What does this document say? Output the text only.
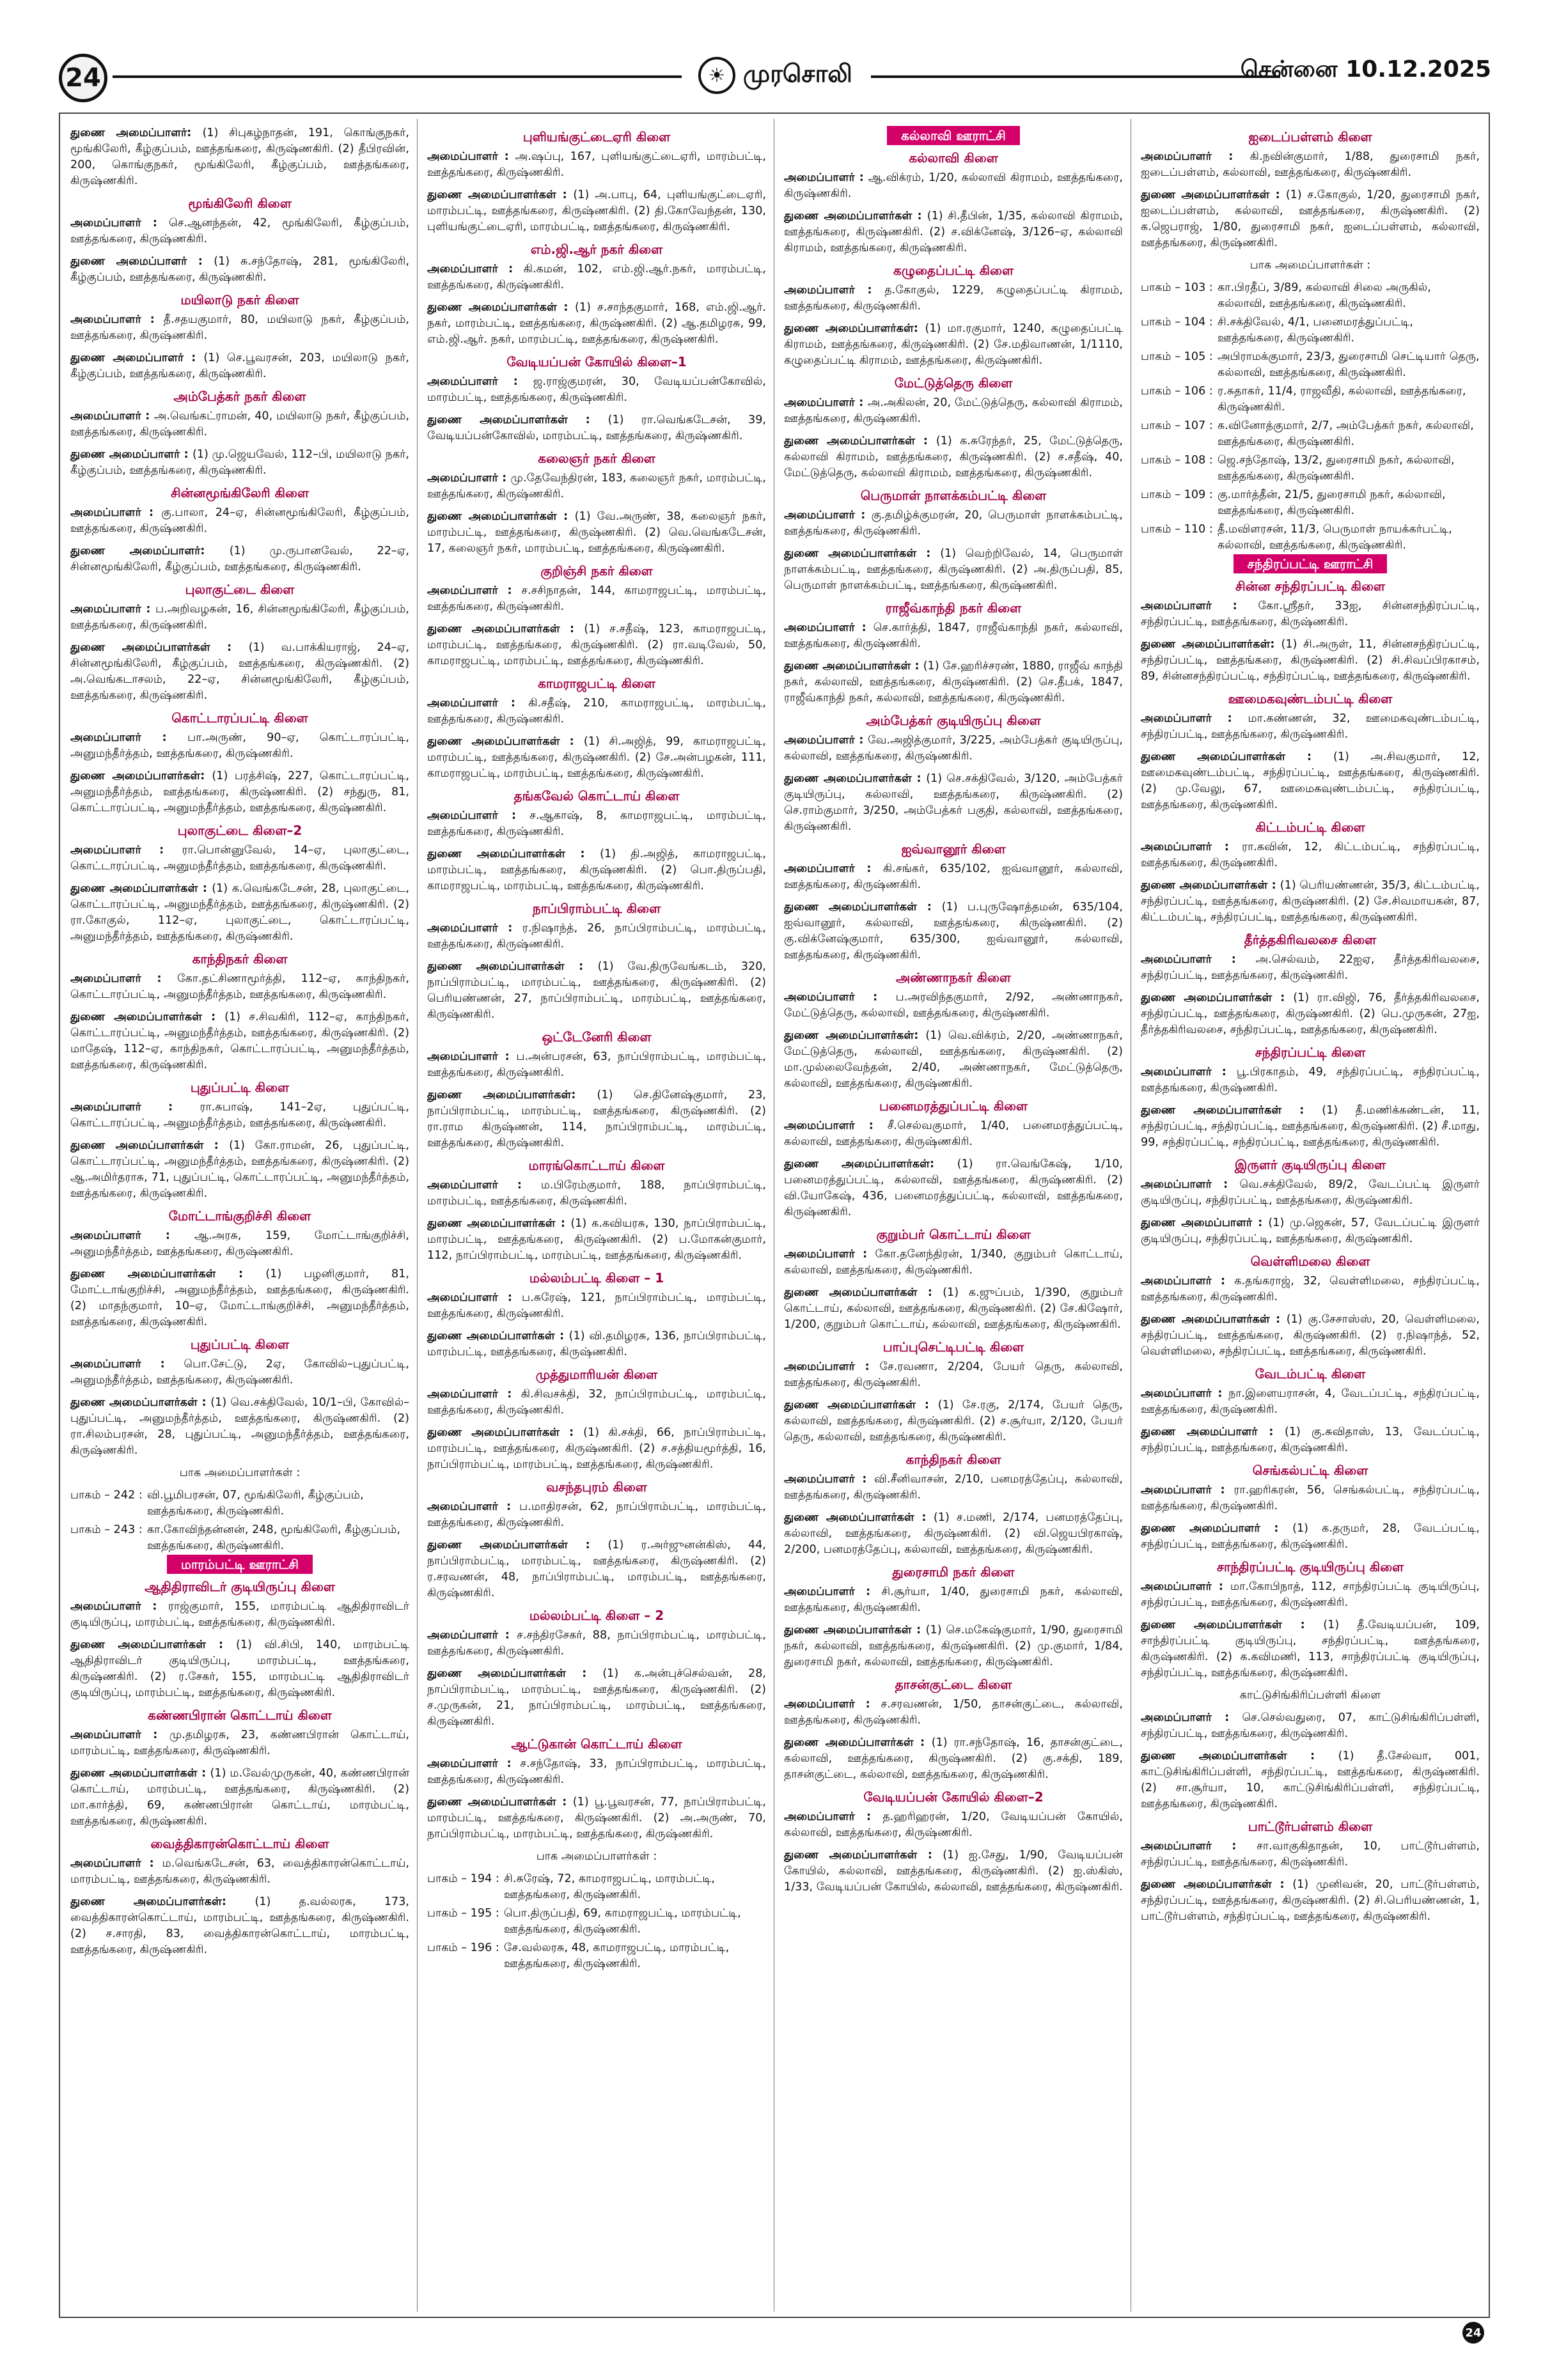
24	☀ முரசொலி	சென்னை 10.12.2025
துணை அமைப்பாளர்: (1) சிபுகழ்நாதன், 191, கொங்குநகர், மூங்கிலேரி, கீழ்குப்பம், ஊத்தங்கரை, கிருஷ்ணகிரி. (2) தீபிரவின், 200, கொங்குநகர், மூங்கிலேரி, கீழ்குப்பம், ஊத்தங்கரை, கிருஷ்ணகிரி.
மூங்கிலேரி கிளை
அமைப்பாளர் : செ.ஆனந்தன், 42, மூங்கிலேரி, கீழ்குப்பம், ஊத்தங்கரை, கிருஷ்ணகிரி.
துணை அமைப்பாளர் : (1) சு.சந்தோஷ், 281, மூங்கிலேரி, கீழ்குப்பம், ஊத்தங்கரை, கிருஷ்ணகிரி.
மயிலாடு நகர் கிளை
அமைப்பாளர் : தீ.சதயகுமார், 80, மயிலாடு நகர், கீழ்குப்பம், ஊத்தங்கரை, கிருஷ்ணகிரி.
துணை அமைப்பாளர் : (1) செ.பூவரசன், 203, மயிலாடு நகர், கீழ்குப்பம், ஊத்தங்கரை, கிருஷ்ணகிரி.
அம்பேத்கர் நகர் கிளை
அமைப்பாளர் : அ.வெங்கட்ராமன், 40, மயிலாடு நகர், கீழ்குப்பம், ஊத்தங்கரை, கிருஷ்ணகிரி.
துணை அமைப்பாளர் : (1) மு.ஜெயவேல், 112–பி, மயிலாடு நகர், கீழ்குப்பம், ஊத்தங்கரை, கிருஷ்ணகிரி.
சின்னமூங்கிலேரி கிளை
அமைப்பாளர் : கு.பாலா, 24–ஏ, சின்னமூங்கிலேரி, கீழ்குப்பம், ஊத்தங்கரை, கிருஷ்ணகிரி.
துணை அமைப்பாளர்: (1) மு.ருபானவேல், 22–ஏ, சின்னமூங்கிலேரி, கீழ்குப்பம், ஊத்தங்கரை, கிருஷ்ணகிரி.
புலாகுட்டை கிளை
அமைப்பாளர் : ப.அறிவழகன், 16, சின்னமூங்கிலேரி, கீழ்குப்பம், ஊத்தங்கரை, கிருஷ்ணகிரி.
துணை அமைப்பாளர்கள் : (1) வ.பாக்கியராஜ், 24–ஏ, சின்னமூங்கிலேரி, கீழ்குப்பம், ஊத்தங்கரை, கிருஷ்ணகிரி. (2) அ.வெங்கடாசலம், 22–ஏ, சின்னமூங்கிலேரி, கீழ்குப்பம், ஊத்தங்கரை, கிருஷ்ணகிரி.
கொட்டாரப்பட்டி கிளை
அமைப்பாளர் : பா.அருண், 90–ஏ, கொட்டாரப்பட்டி, அனுமந்தீர்த்தம், ஊத்தங்கரை, கிருஷ்ணகிரி.
துணை அமைப்பாளர்கள்: (1) பரத்சிஷ், 227, கொட்டாரப்பட்டி, அனுமந்தீர்த்தம், ஊத்தங்கரை, கிருஷ்ணகிரி. (2) சந்துரு, 81, கொட்டாரப்பட்டி, அனுமந்தீர்த்தம், ஊத்தங்கரை, கிருஷ்ணகிரி.
புலாகுட்டை கிளை–2
அமைப்பாளர் : ரா.பொன்னுவேல், 14–ஏ, புலாகுட்டை, கொட்டாரப்பட்டி, அனுமந்தீர்த்தம், ஊத்தங்கரை, கிருஷ்ணகிரி.
துணை அமைப்பாளர்கள் : (1) க.வெங்கடேசன், 28, புலாகுட்டை, கொட்டாரப்பட்டி, அனுமந்தீர்த்தம், ஊத்தங்கரை, கிருஷ்ணகிரி. (2) ரா.கோகுல், 112–ஏ, புலாகுட்டை, கொட்டாரப்பட்டி, அனுமந்தீர்த்தம், ஊத்தங்கரை, கிருஷ்ணகிரி.
காந்திநகர் கிளை
அமைப்பாளர் : கோ.தட்சிணாமூர்த்தி, 112–ஏ, காந்திநகர், கொட்டாரப்பட்டி, அனுமந்தீர்த்தம், ஊத்தங்கரை, கிருஷ்ணகிரி.
துணை அமைப்பாளர்கள் : (1) ச.சிவகிரி, 112–ஏ, காந்திநகர், கொட்டாரப்பட்டி, அனுமந்தீர்த்தம், ஊத்தங்கரை, கிருஷ்ணகிரி. (2) மாதேஷ், 112–ஏ, காந்திநகர், கொட்டாரப்பட்டி, அனுமந்தீர்த்தம், ஊத்தங்கரை, கிருஷ்ணகிரி.
புதுப்பட்டி கிளை
அமைப்பாளர் : ரா.சுபாஷ், 141–2ஏ, புதுப்பட்டி, கொட்டாரப்பட்டி, அனுமந்தீர்த்தம், ஊத்தங்கரை, கிருஷ்ணகிரி.
துணை அமைப்பாளர்கள் : (1) கோ.ராமன், 26, புதுப்பட்டி, கொட்டாரப்பட்டி, அனுமந்தீர்த்தம், ஊத்தங்கரை, கிருஷ்ணகிரி. (2) ஆ.அமிர்தராசு, 71, புதுப்பட்டி, கொட்டாரப்பட்டி, அனுமந்தீர்த்தம், ஊத்தங்கரை, கிருஷ்ணகிரி.
மோட்டாங்குறிச்சி கிளை
அமைப்பாளர் : ஆ.அரசு, 159, மோட்டாங்குறிச்சி, அனுமந்தீர்த்தம், ஊத்தங்கரை, கிருஷ்ணகிரி.
துணை அமைப்பாளர்கள் : (1) பழனிகுமார், 81, மோட்டாங்குறிச்சி, அனுமந்தீர்த்தம், ஊத்தங்கரை, கிருஷ்ணகிரி. (2) மாதந்குமார், 10–ஏ, மோட்டாங்குறிச்சி, அனுமந்தீர்த்தம், ஊத்தங்கரை, கிருஷ்ணகிரி.
புதுப்பட்டி கிளை
அமைப்பாளர் : பொ.சேட்டு, 2ஏ, கோவில்–புதுப்பட்டி, அனுமந்தீர்த்தம், ஊத்தங்கரை, கிருஷ்ணகிரி.
துணை அமைப்பாளர்கள் : (1) வெ.சக்திவேல், 10/1–பி, கோவில்–புதுப்பட்டி, அனுமந்தீர்த்தம், ஊத்தங்கரை, கிருஷ்ணகிரி. (2) ரா.சிலம்பரசன், 28, புதுப்பட்டி, அனுமந்தீர்த்தம், ஊத்தங்கரை, கிருஷ்ணகிரி.
பாக அமைப்பாளர்கள் :
பாகம் – 242 : வி.பூமிபரசன், 07, மூங்கிலேரி, கீழ்குப்பம், ஊத்தங்கரை, கிருஷ்ணகிரி.
பாகம் – 243 : கா.கோவிந்தன்னன், 248, மூங்கிலேரி, கீழ்குப்பம், ஊத்தங்கரை, கிருஷ்ணகிரி.
மாரம்பட்டி ஊராட்சி
ஆதிதிராவிடர் குடியிருப்பு கிளை
அமைப்பாளர் : ராஜ்குமார், 155, மாரம்பட்டி ஆதிதிராவிடர் குடியிருப்பு, மாரம்பட்டி, ஊத்தங்கரை, கிருஷ்ணகிரி.
துணை அமைப்பாளர்கள் : (1) வி.சிபி, 140, மாரம்பட்டி ஆதிதிராவிடர் குடியிருப்பு, மாரம்பட்டி, ஊத்தங்கரை, கிருஷ்ணகிரி. (2) ர.சேகர், 155, மாரம்பட்டி ஆதிதிராவிடர் குடியிருப்பு, மாரம்பட்டி, ஊத்தங்கரை, கிருஷ்ணகிரி.
கண்ணபிரான் கொட்டாய் கிளை
அமைப்பாளர் : மு.தமிழரசு, 23, கண்ணபிரான் கொட்டாய், மாரம்பட்டி, ஊத்தங்கரை, கிருஷ்ணகிரி.
துணை அமைப்பாளர்கள் : (1) ம.வேல்முருகன், 40, கண்ணபிரான் கொட்டாய், மாரம்பட்டி, ஊத்தங்கரை, கிருஷ்ணகிரி. (2) மா.கார்த்தி, 69, கண்ணபிரான் கொட்டாய், மாரம்பட்டி, ஊத்தங்கரை, கிருஷ்ணகிரி.
வைத்திகாரன்கொட்டாய் கிளை
அமைப்பாளர் : ம.வெங்கடேசன், 63, வைத்திகாரன்கொட்டாய், மாரம்பட்டி, ஊத்தங்கரை, கிருஷ்ணகிரி.
துணை அமைப்பாளர்கள்: (1) த.வல்லரசு, 173, வைத்திகாரன்கொட்டாய், மாரம்பட்டி, ஊத்தங்கரை, கிருஷ்ணகிரி. (2) ச.சாரதி, 83, வைத்திகாரன்கொட்டாய், மாரம்பட்டி, ஊத்தங்கரை, கிருஷ்ணகிரி.
புளியங்குட்டைஏரி கிளை
அமைப்பாளர் : அ.ஷப்பு, 167, புளியங்குட்டைஏரி, மாரம்பட்டி, ஊத்தங்கரை, கிருஷ்ணகிரி.
துணை அமைப்பாளர்கள் : (1) அ.பாபு, 64, புளியங்குட்டைஏரி, மாரம்பட்டி, ஊத்தங்கரை, கிருஷ்ணகிரி. (2) தி.கோவேந்தன், 130, புளியங்குட்டைஏரி, மாரம்பட்டி, ஊத்தங்கரை, கிருஷ்ணகிரி.
எம்.ஜி.ஆர் நகர் கிளை
அமைப்பாளர் : கி.கமன், 102, எம்.ஜி.ஆர்.நகர், மாரம்பட்டி, ஊத்தங்கரை, கிருஷ்ணகிரி.
துணை அமைப்பாளர்கள் : (1) ச.சாந்தகுமார், 168, எம்.ஜி.ஆர். நகர், மாரம்பட்டி, ஊத்தங்கரை, கிருஷ்ணகிரி. (2) ஆ.தமிழரசு, 99, எம்.ஜி.ஆர். நகர், மாரம்பட்டி, ஊத்தங்கரை, கிருஷ்ணகிரி.
வேடியப்பன் கோயில் கிளை–1
அமைப்பாளர் : ஜ.ராஜ்குமரன், 30, வேடியப்பன்கோவில், மாரம்பட்டி, ஊத்தங்கரை, கிருஷ்ணகிரி.
துணை அமைப்பாளர்கள் : (1) ரா.வெங்கடேசன், 39, வேடியப்பன்கோவில், மாரம்பட்டி, ஊத்தங்கரை, கிருஷ்ணகிரி.
கலைஞர் நகர் கிளை
அமைப்பாளர் : மு.தேவேந்திரன், 183, கலைஞர் நகர், மாரம்பட்டி, ஊத்தங்கரை, கிருஷ்ணகிரி.
துணை அமைப்பாளர்கள் : (1) வே.அருண், 38, கலைஞர் நகர், மாரம்பட்டி, ஊத்தங்கரை, கிருஷ்ணகிரி. (2) வெ.வெங்கடேசன், 17, கலைஞர் நகர், மாரம்பட்டி, ஊத்தங்கரை, கிருஷ்ணகிரி.
குறிஞ்சி நகர் கிளை
அமைப்பாளர் : ச.சசிநாதன், 144, காமராஜபட்டி, மாரம்பட்டி, ஊத்தங்கரை, கிருஷ்ணகிரி.
துணை அமைப்பாளர்கள் : (1) ச.சதீஷ், 123, காமராஜபட்டி, மாரம்பட்டி, ஊத்தங்கரை, கிருஷ்ணகிரி. (2) ரா.வடிவேல், 50, காமராஜபட்டி, மாரம்பட்டி, ஊத்தங்கரை, கிருஷ்ணகிரி.
காமராஜபட்டி கிளை
அமைப்பாளர் : கி.சதீஷ், 210, காமராஜபட்டி, மாரம்பட்டி, ஊத்தங்கரை, கிருஷ்ணகிரி.
துணை அமைப்பாளர்கள் : (1) சி.அஜித், 99, காமராஜபட்டி, மாரம்பட்டி, ஊத்தங்கரை, கிருஷ்ணகிரி. (2) சே.அன்பழகன், 111, காமராஜபட்டி, மாரம்பட்டி, ஊத்தங்கரை, கிருஷ்ணகிரி.
தங்கவேல் கொட்டாய் கிளை
அமைப்பாளர் : ச.ஆகாஷ், 8, காமராஜபட்டி, மாரம்பட்டி, ஊத்தங்கரை, கிருஷ்ணகிரி.
துணை அமைப்பாளர்கள் : (1) தி.அஜித், காமராஜபட்டி, மாரம்பட்டி, ஊத்தங்கரை, கிருஷ்ணகிரி. (2) பொ.திருப்பதி, காமராஜபட்டி, மாரம்பட்டி, ஊத்தங்கரை, கிருஷ்ணகிரி.
நாப்பிராம்பட்டி கிளை
அமைப்பாளர் : ர.நிஷாந்த், 26, நாப்பிராம்பட்டி, மாரம்பட்டி, ஊத்தங்கரை, கிருஷ்ணகிரி.
துணை அமைப்பாளர்கள் : (1) வே.திருவேங்கடம், 320, நாப்பிராம்பட்டி, மாரம்பட்டி, ஊத்தங்கரை, கிருஷ்ணகிரி. (2) பெரியண்ணன், 27, நாப்பிராம்பட்டி, மாரம்பட்டி, ஊத்தங்கரை, கிருஷ்ணகிரி.
ஒட்டேனேரி கிளை
அமைப்பாளர் : ப.அன்பரசன், 63, நாப்பிராம்பட்டி, மாரம்பட்டி, ஊத்தங்கரை, கிருஷ்ணகிரி.
துணை அமைப்பாளர்கள்: (1) செ.தினேஷ்குமார், 23, நாப்பிராம்பட்டி, மாரம்பட்டி, ஊத்தங்கரை, கிருஷ்ணகிரி. (2) ரா.ராம கிருஷ்ணன், 114, நாப்பிராம்பட்டி, மாரம்பட்டி, ஊத்தங்கரை, கிருஷ்ணகிரி.
மாரங்கொட்டாய் கிளை
அமைப்பாளர் : ம.பிரேம்குமார், 188, நாப்பிராம்பட்டி, மாரம்பட்டி, ஊத்தங்கரை, கிருஷ்ணகிரி.
துணை அமைப்பாளர்கள் : (1) க.கவியரசு, 130, நாப்பிராம்பட்டி, மாரம்பட்டி, ஊத்தங்கரை, கிருஷ்ணகிரி. (2) ப.மோகன்குமார், 112, நாப்பிராம்பட்டி, மாரம்பட்டி, ஊத்தங்கரை, கிருஷ்ணகிரி.
மல்லம்பட்டி கிளை – 1
அமைப்பாளர் : ப.சுரேஷ், 121, நாப்பிராம்பட்டி, மாரம்பட்டி, ஊத்தங்கரை, கிருஷ்ணகிரி.
துணை அமைப்பாளர்கள் : (1) வி.தமிழரசு, 136, நாப்பிராம்பட்டி, மாரம்பட்டி, ஊத்தங்கரை, கிருஷ்ணகிரி.
முத்துமாரியன் கிளை
அமைப்பாளர் : கி.சிவசக்தி, 32, நாப்பிராம்பட்டி, மாரம்பட்டி, ஊத்தங்கரை, கிருஷ்ணகிரி.
துணை அமைப்பாளர்கள் : (1) கி.சக்தி, 66, நாப்பிராம்பட்டி, மாரம்பட்டி, ஊத்தங்கரை, கிருஷ்ணகிரி. (2) ச.சத்தியமூர்த்தி, 16, நாப்பிராம்பட்டி, மாரம்பட்டி, ஊத்தங்கரை, கிருஷ்ணகிரி.
வசந்தபுரம் கிளை
அமைப்பாளர் : ப.மாதிரசன், 62, நாப்பிராம்பட்டி, மாரம்பட்டி, ஊத்தங்கரை, கிருஷ்ணகிரி.
துணை அமைப்பாளர்கள் : (1) ர.அர்ஜுனன்கிஸ், 44, நாப்பிராம்பட்டி, மாரம்பட்டி, ஊத்தங்கரை, கிருஷ்ணகிரி. (2) ர.சரவணன், 48, நாப்பிராம்பட்டி, மாரம்பட்டி, ஊத்தங்கரை, கிருஷ்ணகிரி.
மல்லம்பட்டி கிளை – 2
அமைப்பாளர் : ச.சந்திரசேகர், 88, நாப்பிராம்பட்டி, மாரம்பட்டி, ஊத்தங்கரை, கிருஷ்ணகிரி.
துணை அமைப்பாளர்கள் : (1) க.அன்புச்செல்வன், 28, நாப்பிராம்பட்டி, மாரம்பட்டி, ஊத்தங்கரை, கிருஷ்ணகிரி. (2) ச.முருகன், 21, நாப்பிராம்பட்டி, மாரம்பட்டி, ஊத்தங்கரை, கிருஷ்ணகிரி.
ஆட்டுகான் கொட்டாய் கிளை
அமைப்பாளர் : ச.சந்தோஷ், 33, நாப்பிராம்பட்டி, மாரம்பட்டி, ஊத்தங்கரை, கிருஷ்ணகிரி.
துணை அமைப்பாளர்கள் : (1) பூ.பூவரசன், 77, நாப்பிராம்பட்டி, மாரம்பட்டி, ஊத்தங்கரை, கிருஷ்ணகிரி. (2) அ.அருண், 70, நாப்பிராம்பட்டி, மாரம்பட்டி, ஊத்தங்கரை, கிருஷ்ணகிரி.
பாக அமைப்பாளர்கள் :
பாகம் – 194 : சி.சுரேஷ், 72, காமராஜபட்டி, மாரம்பட்டி, ஊத்தங்கரை, கிருஷ்ணகிரி.
பாகம் – 195 : பொ.திருப்பதி, 69, காமராஜபட்டி, மாரம்பட்டி, ஊத்தங்கரை, கிருஷ்ணகிரி.
பாகம் – 196 : சே.வல்லரசு, 48, காமராஜபட்டி, மாரம்பட்டி, ஊத்தங்கரை, கிருஷ்ணகிரி.
கல்லாவி ஊராட்சி
கல்லாவி கிளை
அமைப்பாளர் : ஆ.விக்ரம், 1/20, கல்லாவி கிராமம், ஊத்தங்கரை, கிருஷ்ணகிரி.
துணை அமைப்பாளர்கள் : (1) சி.தீபின், 1/35, கல்லாவி கிராமம், ஊத்தங்கரை, கிருஷ்ணகிரி. (2) ச.விக்னேஷ், 3/126–ஏ, கல்லாவி கிராமம், ஊத்தங்கரை, கிருஷ்ணகிரி.
கழுதைப்பட்டி கிளை
அமைப்பாளர் : த.கோகுல், 1229, கழுதைப்பட்டி கிராமம், ஊத்தங்கரை, கிருஷ்ணகிரி.
துணை அமைப்பாளர்கள்: (1) மா.ரகுமார், 1240, கழுதைப்பட்டி கிராமம், ஊத்தங்கரை, கிருஷ்ணகிரி. (2) சே.மதிவாணன், 1/1110, கழுதைப்பட்டி கிராமம், ஊத்தங்கரை, கிருஷ்ணகிரி.
மேட்டுத்தெரு கிளை
அமைப்பாளர் : அ.அகிலன், 20, மேட்டுத்தெரு, கல்லாவி கிராமம், ஊத்தங்கரை, கிருஷ்ணகிரி.
துணை அமைப்பாளர்கள் : (1) க.சுரேந்தர், 25, மேட்டுத்தெரு, கல்லாவி கிராமம், ஊத்தங்கரை, கிருஷ்ணகிரி. (2) ச.சதீஷ், 40, மேட்டுத்தெரு, கல்லாவி கிராமம், ஊத்தங்கரை, கிருஷ்ணகிரி.
பெருமாள் நாளக்கம்பட்டி கிளை
அமைப்பாளர் : கு.தமிழ்க்குமரன், 20, பெருமாள் நாளக்கம்பட்டி, ஊத்தங்கரை, கிருஷ்ணகிரி.
துணை அமைப்பாளர்கள் : (1) வெற்றிவேல், 14, பெருமாள் நாளக்கம்பட்டி, ஊத்தங்கரை, கிருஷ்ணகிரி. (2) அ.திருப்பதி, 85, பெருமாள் நாளக்கம்பட்டி, ஊத்தங்கரை, கிருஷ்ணகிரி.
ராஜீவ்காந்தி நகர் கிளை
அமைப்பாளர் : செ.கார்த்தி, 1847, ராஜீவ்காந்தி நகர், கல்லாவி, ஊத்தங்கரை, கிருஷ்ணகிரி.
துணை அமைப்பாளர்கள் : (1) சே.ஹரிச்சரண், 1880, ராஜீவ் காந்தி நகர், கல்லாவி, ஊத்தங்கரை, கிருஷ்ணகிரி. (2) செ.தீபக், 1847, ராஜீவ்காந்தி நகர், கல்லாவி, ஊத்தங்கரை, கிருஷ்ணகிரி.
அம்பேத்கர் குடியிருப்பு கிளை
அமைப்பாளர் : வே.அஜித்குமார், 3/225, அம்பேத்கர் குடியிருப்பு, கல்லாவி, ஊத்தங்கரை, கிருஷ்ணகிரி.
துணை அமைப்பாளர்கள் : (1) செ.சக்திவேல், 3/120, அம்பேத்கர் குடியிருப்பு, கல்லாவி, ஊத்தங்கரை, கிருஷ்ணகிரி. (2) செ.ராம்குமார், 3/250, அம்பேத்கர் பகுதி, கல்லாவி, ஊத்தங்கரை, கிருஷ்ணகிரி.
ஐவ்வானூர் கிளை
அமைப்பாளர் : கி.சங்கர், 635/102, ஐவ்வானூர், கல்லாவி, ஊத்தங்கரை, கிருஷ்ணகிரி.
துணை அமைப்பாளர்கள் : (1) ப.புருஷோத்தமன், 635/104, ஐவ்வானூர், கல்லாவி, ஊத்தங்கரை, கிருஷ்ணகிரி. (2) கு.விக்னேஷ்குமார், 635/300, ஐவ்வானூர், கல்லாவி, ஊத்தங்கரை, கிருஷ்ணகிரி.
அண்ணாநகர் கிளை
அமைப்பாளர் : ப.அரவிந்தகுமார், 2/92, அண்ணாநகர், மேட்டுத்தெரு, கல்லாவி, ஊத்தங்கரை, கிருஷ்ணகிரி.
துணை அமைப்பாளர்கள்: (1) வெ.விக்ரம், 2/20, அண்ணாநகர், மேட்டுத்தெரு, கல்லாவி, ஊத்தங்கரை, கிருஷ்ணகிரி. (2) மா.முல்லைவேந்தன், 2/40, அண்ணாநகர், மேட்டுத்தெரு, கல்லாவி, ஊத்தங்கரை, கிருஷ்ணகிரி.
பனைமரத்துப்பட்டி கிளை
அமைப்பாளர் : சீ.செல்வகுமார், 1/40, பனைமரத்துப்பட்டி, கல்லாவி, ஊத்தங்கரை, கிருஷ்ணகிரி.
துணை அமைப்பாளர்கள்: (1) ரா.வெங்கேஷ், 1/10, பனைமரத்துப்பட்டி, கல்லாவி, ஊத்தங்கரை, கிருஷ்ணகிரி. (2) வி.யோகேஷ், 436, பனைமரத்துப்பட்டி, கல்லாவி, ஊத்தங்கரை, கிருஷ்ணகிரி.
குறும்பர் கொட்டாய் கிளை
அமைப்பாளர் : கோ.தனேந்திரன், 1/340, குறும்பர் கொட்டாய், கல்லாவி, ஊத்தங்கரை, கிருஷ்ணகிரி.
துணை அமைப்பாளர்கள் : (1) க.ஜுப்பம், 1/390, குறும்பர் கொட்டாய், கல்லாவி, ஊத்தங்கரை, கிருஷ்ணகிரி. (2) சே.கிஷோர், 1/200, குறும்பர் கொட்டாய், கல்லாவி, ஊத்தங்கரை, கிருஷ்ணகிரி.
பாப்புசெட்டிபட்டி கிளை
அமைப்பாளர் : சே.ரவணா, 2/204, பேயர் தெரு, கல்லாவி, ஊத்தங்கரை, கிருஷ்ணகிரி.
துணை அமைப்பாளர்கள் : (1) சே.ரகு, 2/174, பேயர் தெரு, கல்லாவி, ஊத்தங்கரை, கிருஷ்ணகிரி. (2) ச.சூர்யா, 2/120, பேயர் தெரு, கல்லாவி, ஊத்தங்கரை, கிருஷ்ணகிரி.
காந்திநகர் கிளை
அமைப்பாளர் : வி.சீனிவாசன், 2/10, பனமரத்தேப்பு, கல்லாவி, ஊத்தங்கரை, கிருஷ்ணகிரி.
துணை அமைப்பாளர்கள் : (1) ச.மணி, 2/174, பனமரத்தேப்பு, கல்லாவி, ஊத்தங்கரை, கிருஷ்ணகிரி. (2) வி.ஜெயபிரகாஷ், 2/200, பனமரத்தேப்பு, கல்லாவி, ஊத்தங்கரை, கிருஷ்ணகிரி.
துரைசாமி நகர் கிளை
அமைப்பாளர் : சி.சூர்யா, 1/40, துரைசாமி நகர், கல்லாவி, ஊத்தங்கரை, கிருஷ்ணகிரி.
துணை அமைப்பாளர்கள் : (1) செ.மகேஷ்குமார், 1/90, துரைசாமி நகர், கல்லாவி, ஊத்தங்கரை, கிருஷ்ணகிரி. (2) மு.குமார், 1/84, துரைசாமி நகர், கல்லாவி, ஊத்தங்கரை, கிருஷ்ணகிரி.
தாசன்குட்டை கிளை
அமைப்பாளர் : ச.சரவணன், 1/50, தாசன்குட்டை, கல்லாவி, ஊத்தங்கரை, கிருஷ்ணகிரி.
துணை அமைப்பாளர்கள் : (1) ரா.சந்தோஷ், 16, தாசன்குட்டை, கல்லாவி, ஊத்தங்கரை, கிருஷ்ணகிரி. (2) கு.சக்தி, 189, தாசன்குட்டை, கல்லாவி, ஊத்தங்கரை, கிருஷ்ணகிரி.
வேடியப்பன் கோயில் கிளை–2
அமைப்பாளர் : த.ஹரிஹரன், 1/20, வேடியப்பன் கோயில், கல்லாவி, ஊத்தங்கரை, கிருஷ்ணகிரி.
துணை அமைப்பாளர்கள் : (1) ஐ.சேது, 1/90, வேடியப்பன் கோயில், கல்லாவி, ஊத்தங்கரை, கிருஷ்ணகிரி. (2) ஐ.ஸ்கிஸ், 1/33, வேடியப்பன் கோயில், கல்லாவி, ஊத்தங்கரை, கிருஷ்ணகிரி.
ஐடைப்பள்ளம் கிளை
அமைப்பாளர் : கி.நவின்குமார், 1/88, துரைசாமி நகர், ஐடைப்பள்ளம், கல்லாவி, ஊத்தங்கரை, கிருஷ்ணகிரி.
துணை அமைப்பாளர்கள் : (1) ச.கோகுல், 1/20, துரைசாமி நகர், ஐடைப்பள்ளம், கல்லாவி, ஊத்தங்கரை, கிருஷ்ணகிரி. (2) க.ஜெபராஜ், 1/80, துரைசாமி நகர், ஐடைப்பள்ளம், கல்லாவி, ஊத்தங்கரை, கிருஷ்ணகிரி.
பாக அமைப்பாளர்கள் :
பாகம் – 103 : கா.பிரதீப், 3/89, கல்லாவி சிலை அருகில், கல்லாவி, ஊத்தங்கரை, கிருஷ்ணகிரி.
பாகம் – 104 : சி.சக்திவேல், 4/1, பனைமரத்துப்பட்டி, ஊத்தங்கரை, கிருஷ்ணகிரி.
பாகம் – 105 : அபிராமக்குமார், 23/3, துரைசாமி செட்டியார் தெரு, கல்லாவி, ஊத்தங்கரை, கிருஷ்ணகிரி.
பாகம் – 106 : ர.சுதாகர், 11/4, ராஜவீதி, கல்லாவி, ஊத்தங்கரை, கிருஷ்ணகிரி.
பாகம் – 107 : க.வினோத்குமார், 2/7, அம்பேத்கர் நகர், கல்லாவி, ஊத்தங்கரை, கிருஷ்ணகிரி.
பாகம் – 108 : ஜெ.சந்தோஷ், 13/2, துரைசாமி நகர், கல்லாவி, ஊத்தங்கரை, கிருஷ்ணகிரி.
பாகம் – 109 : கு.மார்த்தீன், 21/5, துரைசாமி நகர், கல்லாவி, ஊத்தங்கரை, கிருஷ்ணகிரி.
பாகம் – 110 : தீ.மவிளரசன், 11/3, பெருமாள் நாயக்கர்பட்டி, கல்லாவி, ஊத்தங்கரை, கிருஷ்ணகிரி.
சந்திரப்பட்டி ஊராட்சி
சின்ன சந்திரப்பட்டி கிளை
அமைப்பாளர் : கோ.ஸ்ரீதர், 33ஐ, சின்னசந்திரப்பட்டி, சந்திரப்பட்டி, ஊத்தங்கரை, கிருஷ்ணகிரி.
துணை அமைப்பாளர்கள்: (1) சி.அருள், 11, சின்னசந்திரப்பட்டி, சந்திரப்பட்டி, ஊத்தங்கரை, கிருஷ்ணகிரி. (2) சி.சிவப்பிரகாசம், 89, சின்னசந்திரப்பட்டி, சந்திரப்பட்டி, ஊத்தங்கரை, கிருஷ்ணகிரி.
ஊமைகவுண்டம்பட்டி கிளை
அமைப்பாளர் : மா.கண்ணன், 32, ஊமைகவுண்டம்பட்டி, சந்திரப்பட்டி, ஊத்தங்கரை, கிருஷ்ணகிரி.
துணை அமைப்பாளர்கள் : (1) அ.சிவகுமார், 12, ஊமைகவுண்டம்பட்டி, சந்திரப்பட்டி, ஊத்தங்கரை, கிருஷ்ணகிரி. (2) மு.வேலு, 67, ஊமைகவுண்டம்பட்டி, சந்திரப்பட்டி, ஊத்தங்கரை, கிருஷ்ணகிரி.
கிட்டம்பட்டி கிளை
அமைப்பாளர் : ரா.கவின், 12, கிட்டம்பட்டி, சந்திரப்பட்டி, ஊத்தங்கரை, கிருஷ்ணகிரி.
துணை அமைப்பாளர்கள் : (1) பெரியண்ணன், 35/3, கிட்டம்பட்டி, சந்திரப்பட்டி, ஊத்தங்கரை, கிருஷ்ணகிரி. (2) சே.சிவமாயகன், 87, கிட்டம்பட்டி, சந்திரப்பட்டி, ஊத்தங்கரை, கிருஷ்ணகிரி.
தீர்த்தகிரிவலசை கிளை
அமைப்பாளர் : அ.செல்வம், 22ஐஏ, தீர்த்தகிரிவலசை, சந்திரப்பட்டி, ஊத்தங்கரை, கிருஷ்ணகிரி.
துணை அமைப்பாளர்கள் : (1) ரா.விஜி, 76, தீர்த்தகிரிவலசை, சந்திரப்பட்டி, ஊத்தங்கரை, கிருஷ்ணகிரி. (2) பெ.முருகன், 27ஐ, தீர்த்தகிரிவலசை, சந்திரப்பட்டி, ஊத்தங்கரை, கிருஷ்ணகிரி.
சந்திரப்பட்டி கிளை
அமைப்பாளர் : பூ.பிரகாதம், 49, சந்திரப்பட்டி, சந்திரப்பட்டி, ஊத்தங்கரை, கிருஷ்ணகிரி.
துணை அமைப்பாளர்கள் : (1) தீ.மணிக்கண்டன், 11, சந்திரப்பட்டி, சந்திரப்பட்டி, ஊத்தங்கரை, கிருஷ்ணகிரி. (2) சீ.மாது, 99, சந்திரப்பட்டி, சந்திரப்பட்டி, ஊத்தங்கரை, கிருஷ்ணகிரி.
இருளர் குடியிருப்பு கிளை
அமைப்பாளர் : வெ.சக்திவேல், 89/2, வேடப்பட்டி இருளர் குடியிருப்பு, சந்திரப்பட்டி, ஊத்தங்கரை, கிருஷ்ணகிரி.
துணை அமைப்பாளர் : (1) மு.ஜெகன், 57, வேடப்பட்டி இருளர் குடியிருப்பு, சந்திரப்பட்டி, ஊத்தங்கரை, கிருஷ்ணகிரி.
வெள்ளிமலை கிளை
அமைப்பாளர் : க.தங்கராஜ், 32, வெள்ளிமலை, சந்திரப்பட்டி, ஊத்தங்கரை, கிருஷ்ணகிரி.
துணை அமைப்பாளர்கள் : (1) கு.சேசாஸ்ஸ், 20, வெள்ளிமலை, சந்திரப்பட்டி, ஊத்தங்கரை, கிருஷ்ணகிரி. (2) ர.நிஷாந்த், 52, வெள்ளிமலை, சந்திரப்பட்டி, ஊத்தங்கரை, கிருஷ்ணகிரி.
வேடம்பட்டி கிளை
அமைப்பாளர் : நா.இளையராசன், 4, வேடப்பட்டி, சந்திரப்பட்டி, ஊத்தங்கரை, கிருஷ்ணகிரி.
துணை அமைப்பாளர் : (1) கு.சுவிதாஸ், 13, வேடப்பட்டி, சந்திரப்பட்டி, ஊத்தங்கரை, கிருஷ்ணகிரி.
செங்கல்பட்டி கிளை
அமைப்பாளர் : ரா.ஹரிகரன், 56, செங்கல்பட்டி, சந்திரப்பட்டி, ஊத்தங்கரை, கிருஷ்ணகிரி.
துணை அமைப்பாளர் : (1) க.தருமர், 28, வேடப்பட்டி, சந்திரப்பட்டி, ஊத்தங்கரை, கிருஷ்ணகிரி.
சாந்திரப்பட்டி குடியிருப்பு கிளை
அமைப்பாளர் : மா.கோபிநாத், 112, சாந்திரப்பட்டி குடியிருப்பு, சந்திரப்பட்டி, ஊத்தங்கரை, கிருஷ்ணகிரி.
துணை அமைப்பாளர்கள் : (1) தீ.வேடியப்பன், 109, சாந்திரப்பட்டி குடியிருப்பு, சந்திரப்பட்டி, ஊத்தங்கரை, கிருஷ்ணகிரி. (2) க.கவிமணி, 113, சாந்திரப்பட்டி குடியிருப்பு, சந்திரப்பட்டி, ஊத்தங்கரை, கிருஷ்ணகிரி.
காட்டுசிங்கிரிப்பள்ளி கிளை
அமைப்பாளர் : செ.செல்வதுரை, 07, காட்டுசிங்கிரிப்பள்ளி, சந்திரப்பட்டி, ஊத்தங்கரை, கிருஷ்ணகிரி.
துணை அமைப்பாளர்கள் : (1) தீ.சேல்வா, 001, காட்டுசிங்கிரிப்பள்ளி, சந்திரப்பட்டி, ஊத்தங்கரை, கிருஷ்ணகிரி. (2) சா.சூர்யா, 10, காட்டுசிங்கிரிப்பள்ளி, சந்திரப்பட்டி, ஊத்தங்கரை, கிருஷ்ணகிரி.
பாட்டூர்பள்ளம் கிளை
அமைப்பாளர் : சா.வாகுகிதாதன், 10, பாட்டூர்பள்ளம், சந்திரப்பட்டி, ஊத்தங்கரை, கிருஷ்ணகிரி.
துணை அமைப்பாளர்கள் : (1) முனிவன், 20, பாட்டூர்பள்ளம், சந்திரப்பட்டி, ஊத்தங்கரை, கிருஷ்ணகிரி. (2) சி.பெரியண்ணன், 1, பாட்டூர்பள்ளம், சந்திரப்பட்டி, ஊத்தங்கரை, கிருஷ்ணகிரி.
24
